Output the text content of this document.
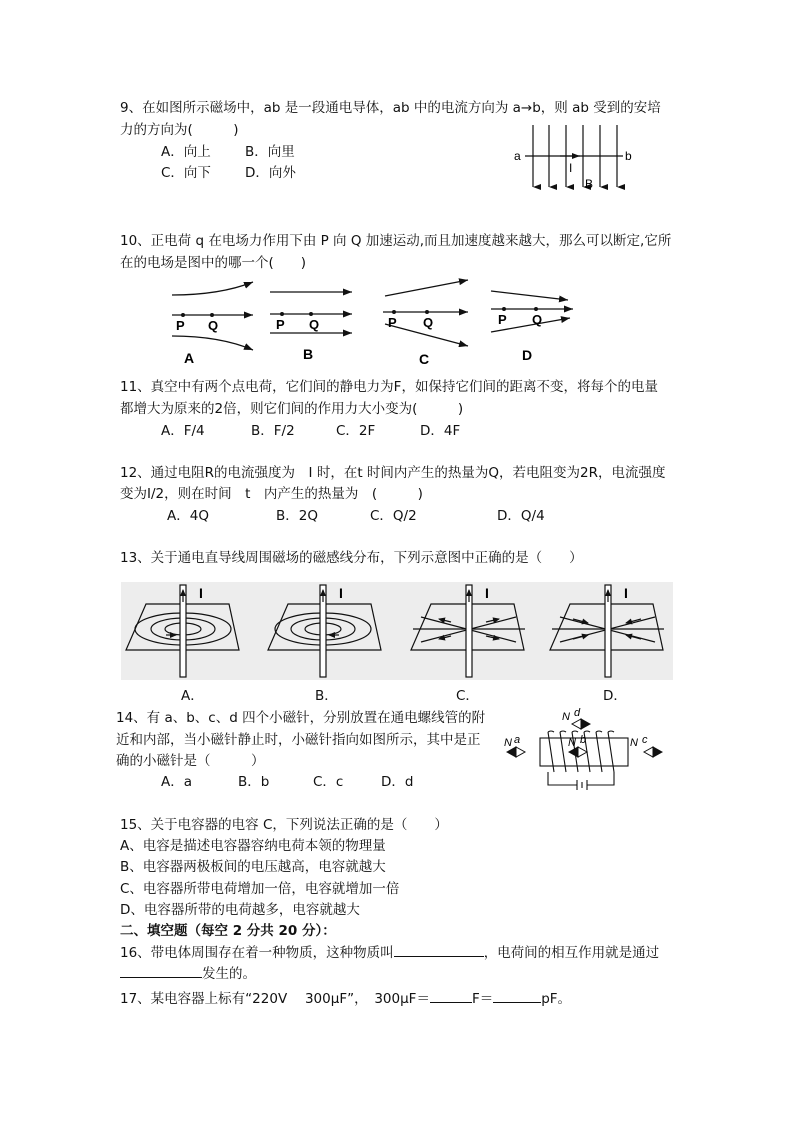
9、在如图所示磁场中，ab 是一段通电导体，ab 中的电流方向为 a→b，则 ab 受到的安培
力的方向为(　　　)
A．向上	B．向里
C．向下	D．向外
a	b
I
B
10、正电荷 q 在电场力作用下由 P 向 Q 加速运动,而且加速度越来越大，那么可以断定,它所
在的电场是图中的哪一个(　　)
P Q	P Q	P Q	P Q
A	B	C	D
11、真空中有两个点电荷，它们间的静电力为F，如保持它们间的距离不变，将每个的电量
都增大为原来的2倍，则它们间的作用力大小变为(　　　)
A．F/4	B．F/2	C．2F	D．4F
12、通过电阻R的电流强度为　I 时，在t 时间内产生的热量为Q，若电阻变为2R，电流强度
变为I/2，则在时间　t　内产生的热量为　(　　　)
A．4Q	B．2Q	C．Q/2	D．Q/4
13、关于通电直导线周围磁场的磁感线分布，下列示意图中正确的是（　　）
I	I	I	I
A．	B．	C．	D．
14、有 a、b、c、d 四个小磁针，分别放置在通电螺线管的附
近和内部，当小磁针静止时，小磁针指向如图所示，其中是正
确的小磁针是（　　　）
A．a	B．b	C．c	D．d
N a	N b	N c
N d
15、关于电容器的电容 C，下列说法正确的是（　　）
A、电容是描述电容器容纳电荷本领的物理量
B、电容器两极板间的电压越高，电容就越大
C、电容器所带电荷增加一倍，电容就增加一倍
D、电容器所带的电荷越多，电容就越大
二、填空题（每空 2 分共 20 分）：
16、带电体周围存在着一种物质，这种物质叫	，电荷间的相互作用就是通过
发生的。
17、某电容器上标有“220V　 300μF”，　300μF＝	F＝	pF。
